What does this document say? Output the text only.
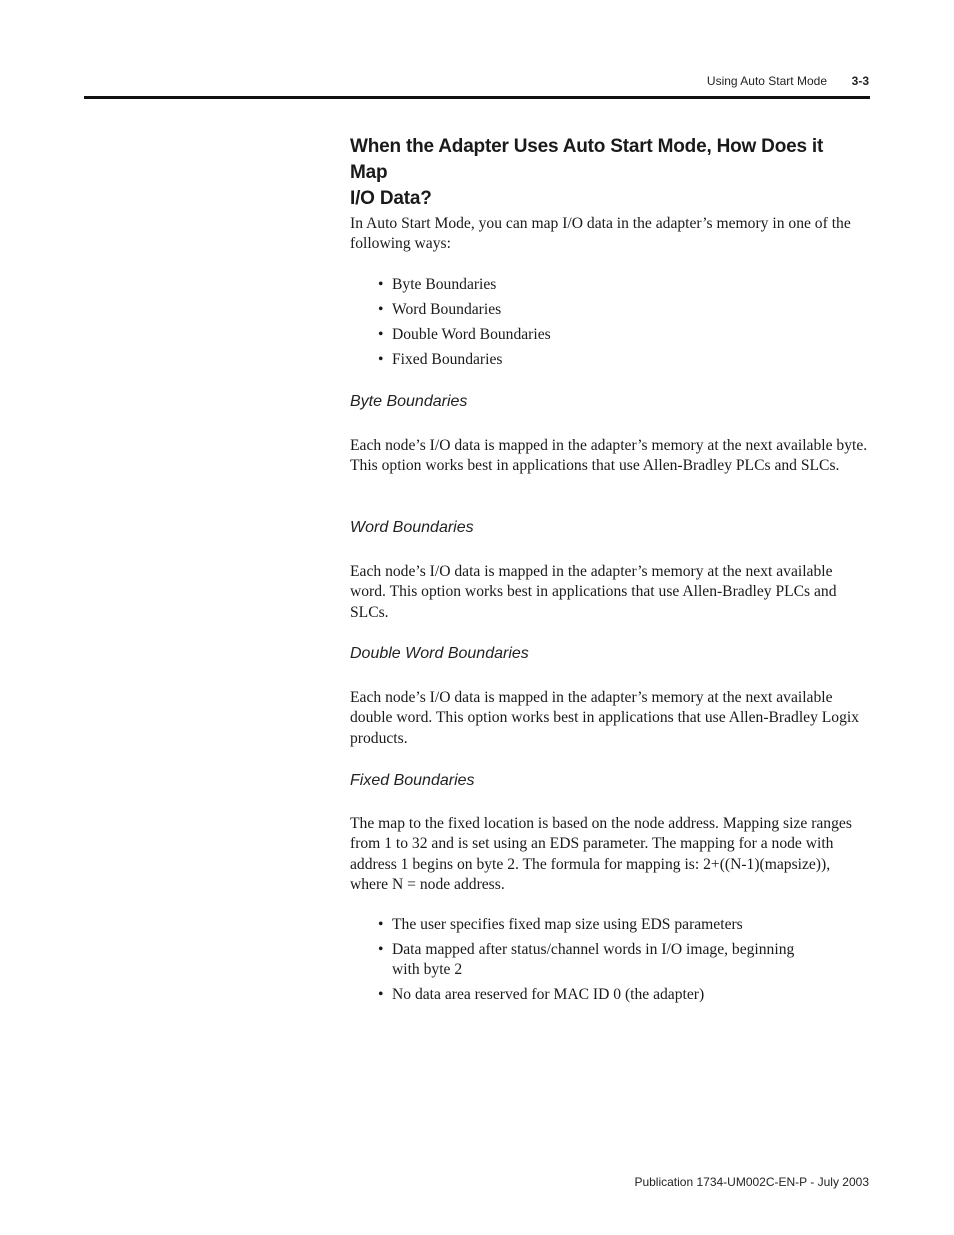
Using Auto Start Mode 3-3
When the Adapter Uses Auto Start Mode, How Does it Map
I/O Data?
In Auto Start Mode, you can map I/O data in the adapter’s memory in one of the following ways:
• Byte Boundaries
• Word Boundaries
• Double Word Boundaries
• Fixed Boundaries
Byte Boundaries
Each node’s I/O data is mapped in the adapter’s memory at the next available byte. This option works best in applications that use Allen-Bradley PLCs and SLCs.
Word Boundaries
Each node’s I/O data is mapped in the adapter’s memory at the next available word. This option works best in applications that use Allen-Bradley PLCs and SLCs.
Double Word Boundaries
Each node’s I/O data is mapped in the adapter’s memory at the next available double word. This option works best in applications that use Allen-Bradley Logix products.
Fixed Boundaries
The map to the fixed location is based on the node address. Mapping size ranges from 1 to 32 and is set using an EDS parameter. The mapping for a node with address 1 begins on byte 2. The formula for mapping is: 2+((N-1)(mapsize)), where N = node address.
• The user specifies fixed map size using EDS parameters
• Data mapped after status/channel words in I/O image, beginning with byte 2
• No data area reserved for MAC ID 0 (the adapter)
Publication 1734-UM002C-EN-P - July 2003
